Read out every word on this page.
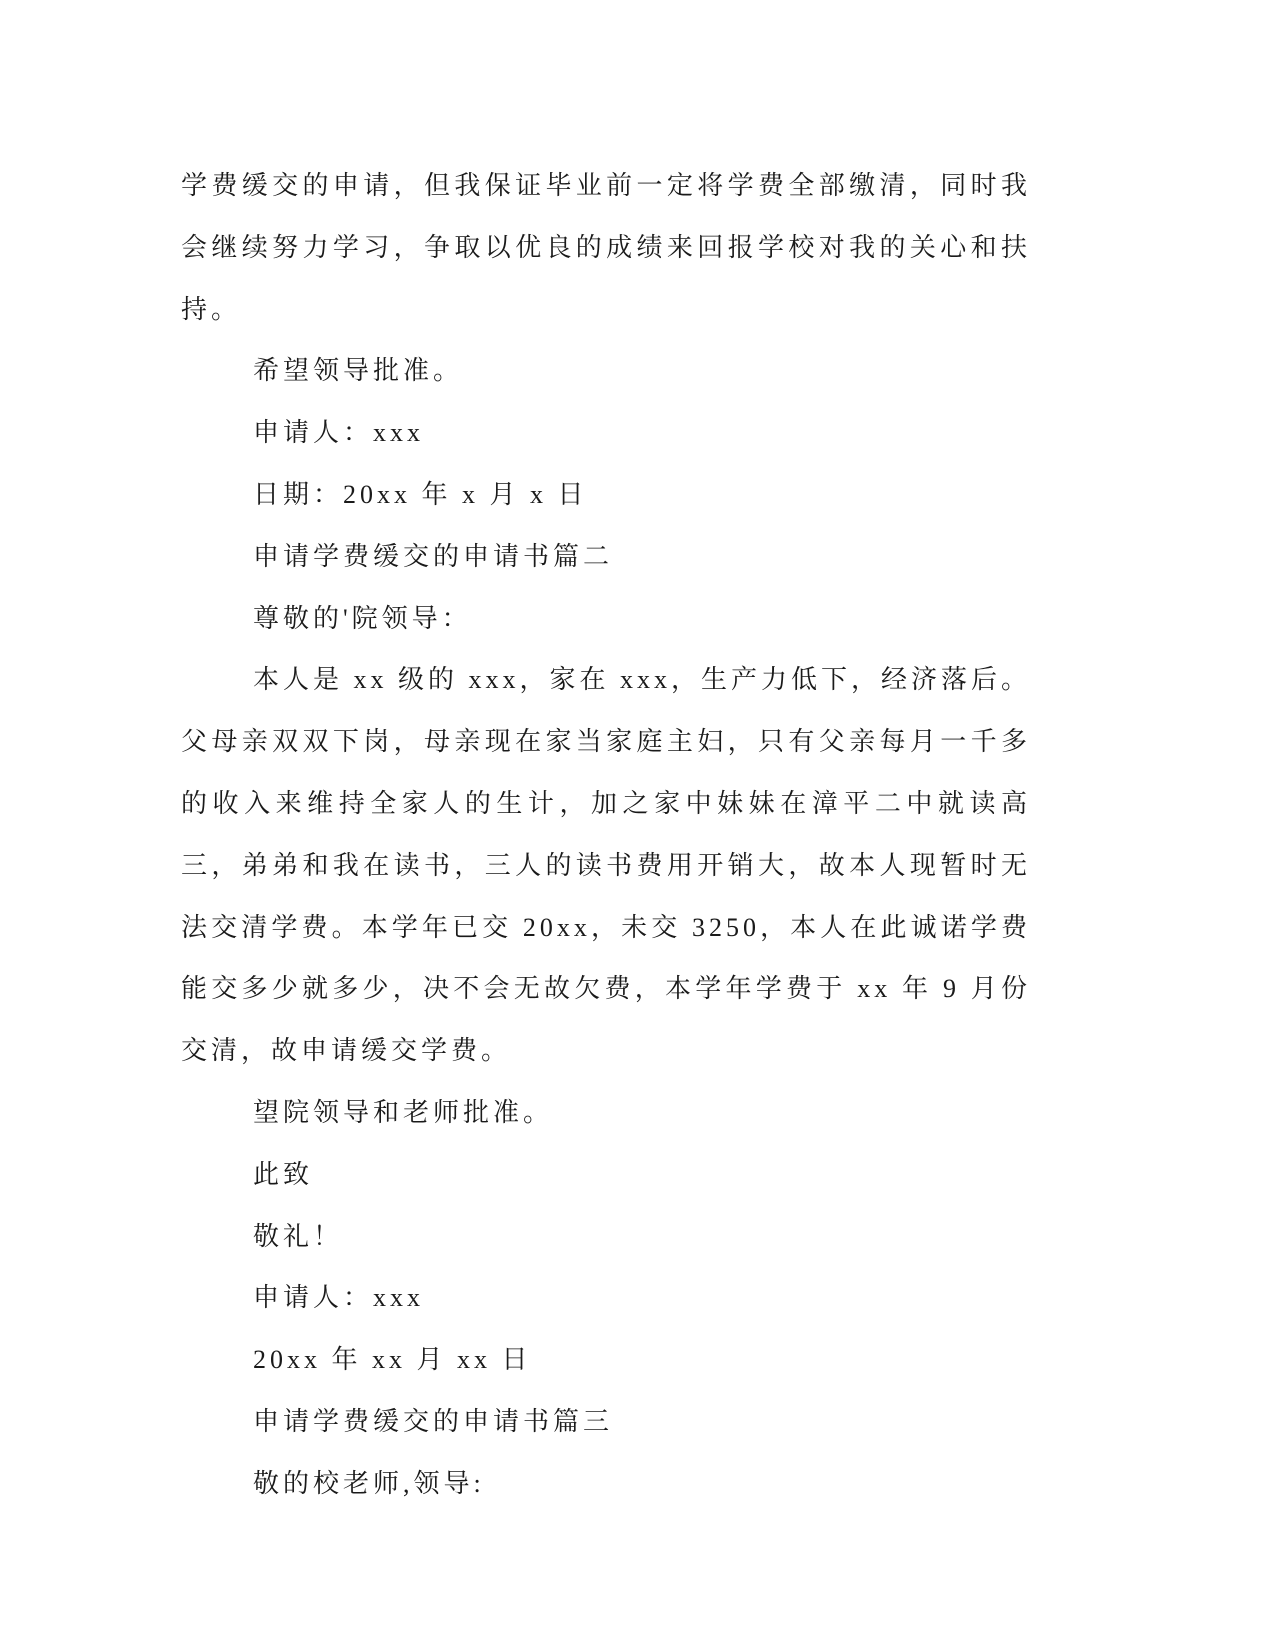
学费缓交的申请，但我保证毕业前一定将学费全部缴清，同时我会继续努力学习，争取以优良的成绩来回报学校对我的关心和扶持。

希望领导批准。

申请人：xxx

日期：20xx 年 x 月 x 日

申请学费缓交的申请书篇二

尊敬的'院领导：

本人是 xx 级的 xxx，家在 xxx，生产力低下，经济落后。父母亲双双下岗，母亲现在家当家庭主妇，只有父亲每月一千多的收入来维持全家人的生计，加之家中妹妹在漳平二中就读高三，弟弟和我在读书，三人的读书费用开销大，故本人现暂时无法交清学费。本学年已交 20xx，未交 3250，本人在此诚诺学费能交多少就多少，决不会无故欠费，本学年学费于 xx 年 9 月份交清，故申请缓交学费。

望院领导和老师批准。

此致

敬礼！

申请人：xxx

20xx 年 xx 月 xx 日

申请学费缓交的申请书篇三

敬的校老师,领导:
